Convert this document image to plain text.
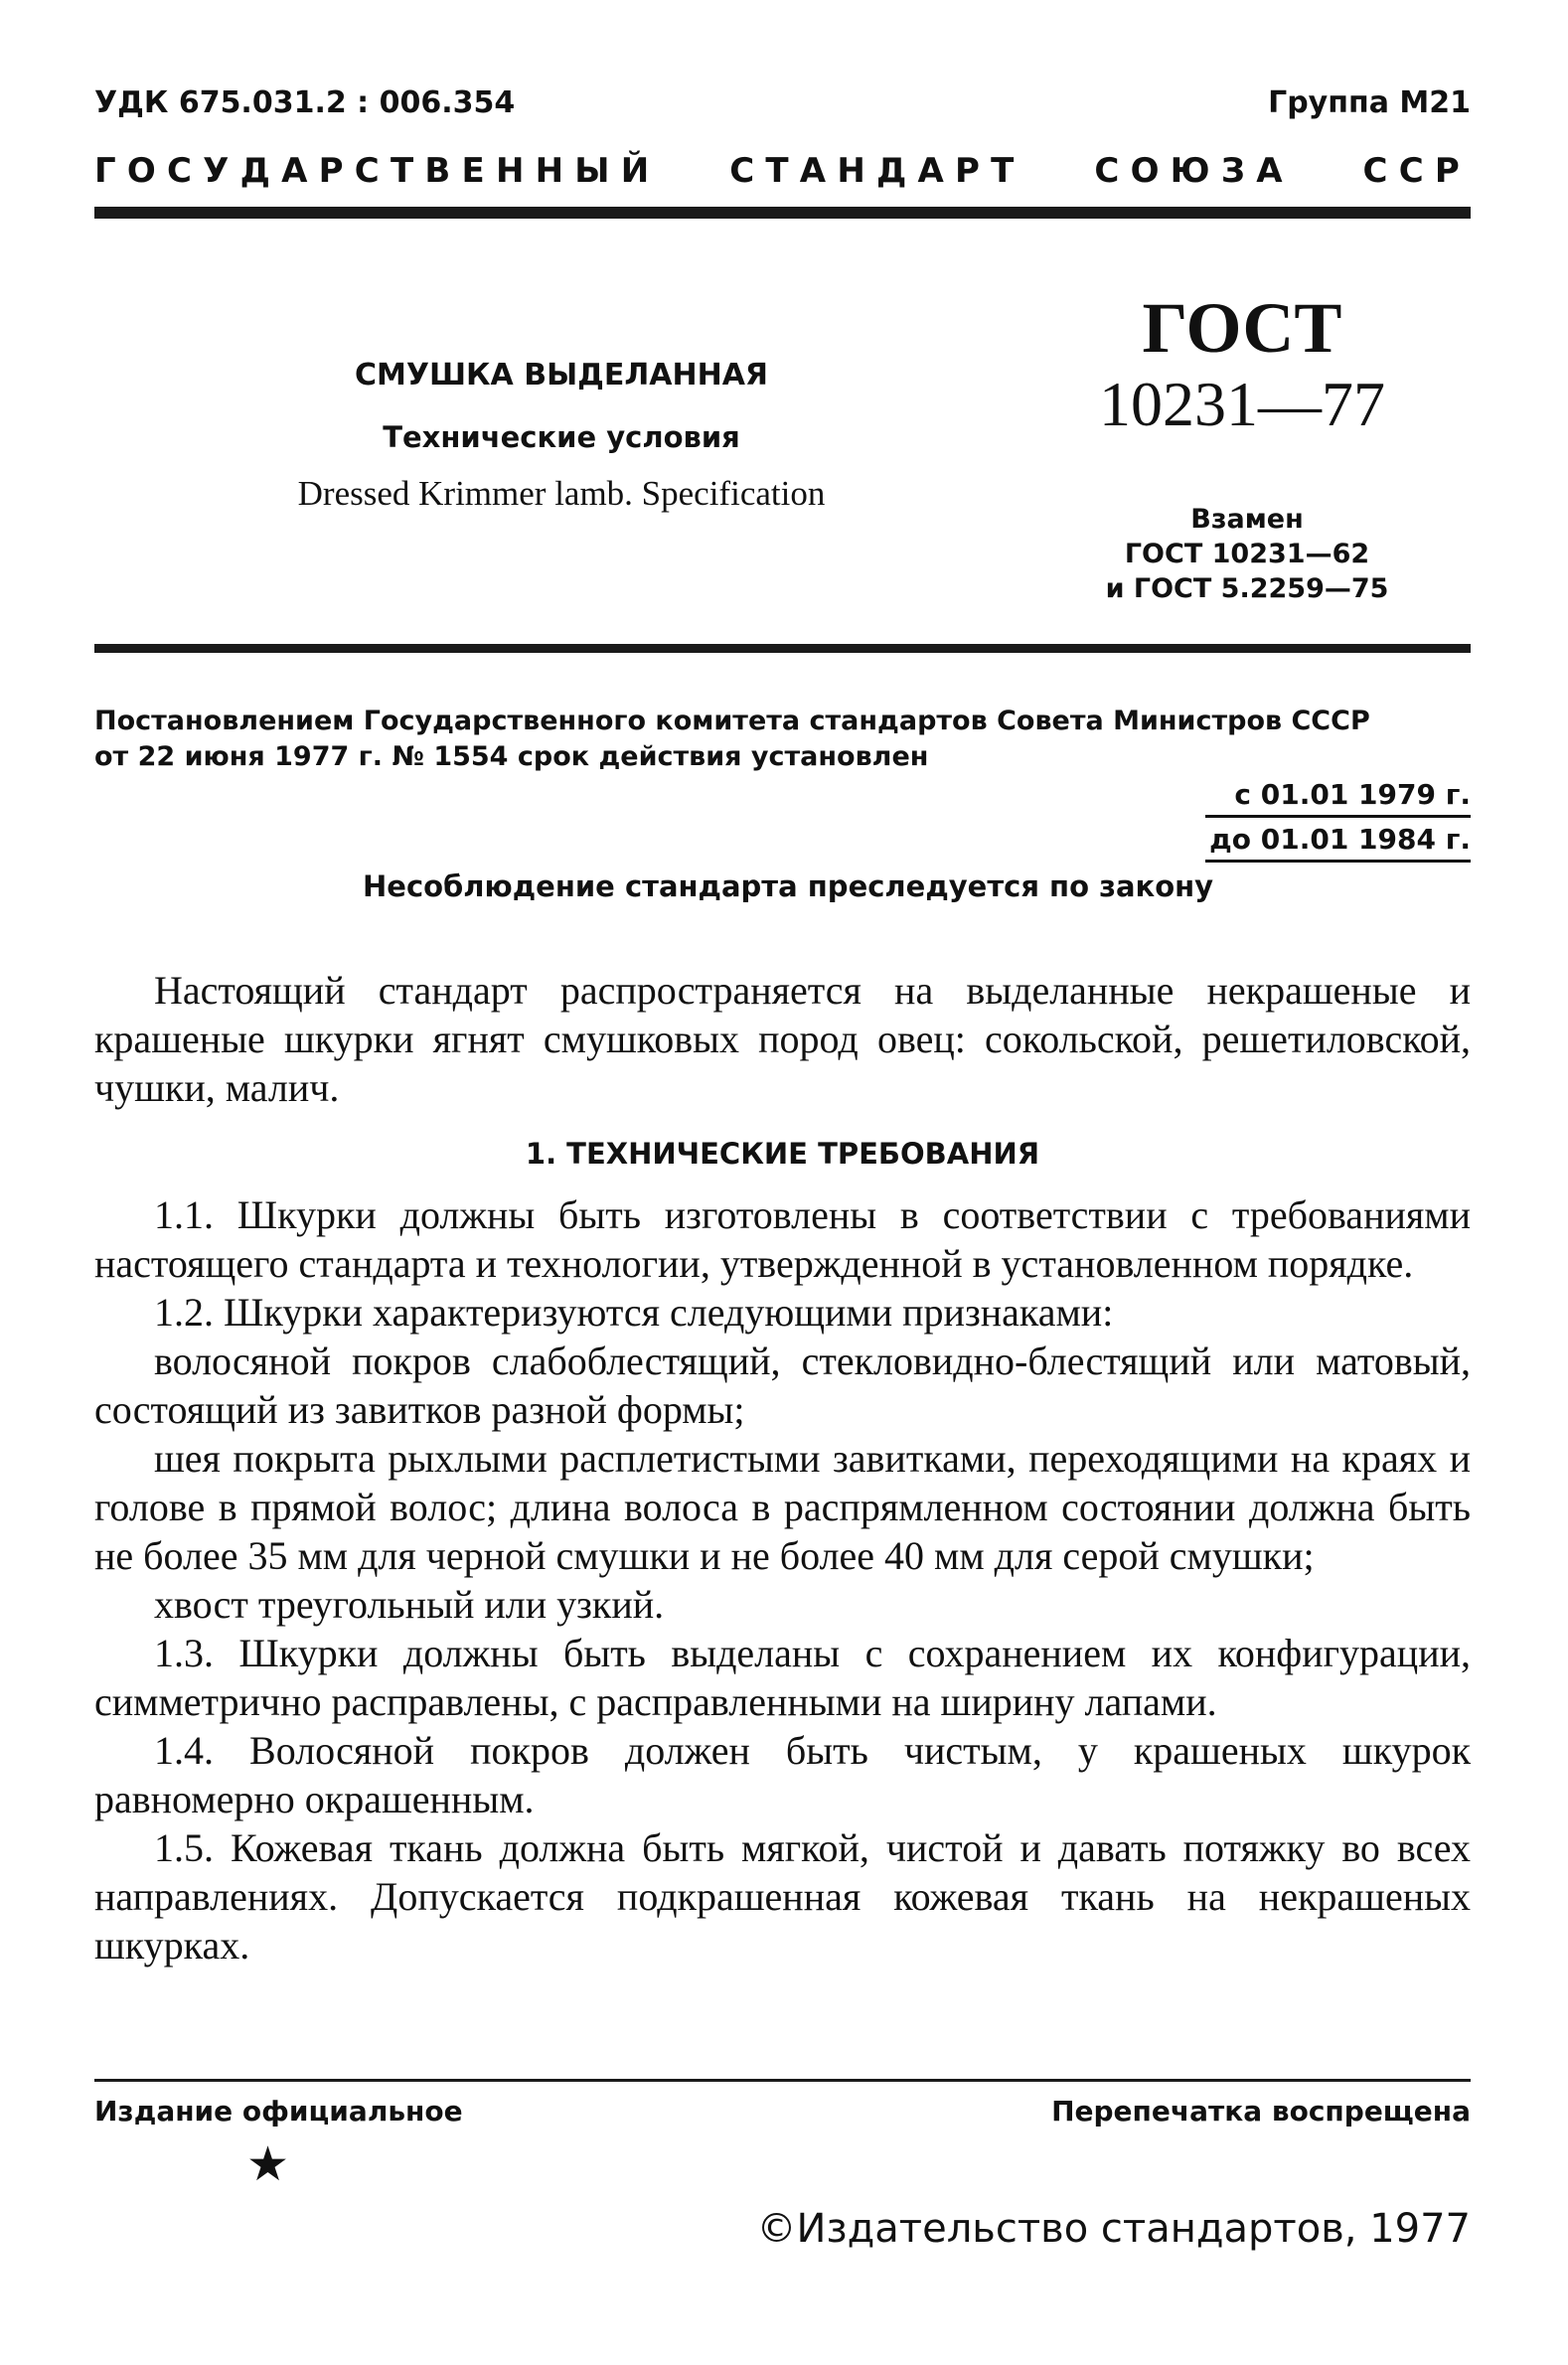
УДК 675.031.2 : 006.354	Группа М21
ГОСУДАРСТВЕННЫЙ СТАНДАРТ СОЮЗА ССР
СМУШКА ВЫДЕЛАННАЯ
Технические условия
Dressed Krimmer lamb. Specification
ГОСТ
10231—77
Взамен
ГОСТ 10231—62
и ГОСТ 5.2259—75
Постановлением Государственного комитета стандартов Совета Министров СССР
от 22 июня 1977 г. № 1554 срок действия установлен
с 01.01 1979 г.
до 01.01 1984 г.
Несоблюдение стандарта преследуется по закону

Настоящий стандарт распространяется на выделанные некрашеные и крашеные шкурки ягнят смушковых пород овец: сокольской, решетиловской, чушки, малич.

1. ТЕХНИЧЕСКИЕ ТРЕБОВАНИЯ

1.1. Шкурки должны быть изготовлены в соответствии с требованиями настоящего стандарта и технологии, утвержденной в установленном порядке.

1.2. Шкурки характеризуются следующими признаками:

волосяной покров слабоблестящий, стекловидно-блестящий или матовый, состоящий из завитков разной формы;

шея покрыта рыхлыми расплетистыми завитками, переходящими на краях и голове в прямой волос; длина волоса в распрямленном состоянии должна быть не более 35 мм для черной смушки и не более 40 мм для серой смушки;

хвост треугольный или узкий.

1.3. Шкурки должны быть выделаны с сохранением их конфигурации, симметрично расправлены, с расправленными на ширину лапами.

1.4. Волосяной покров должен быть чистым, у крашеных шкурок равномерно окрашенным.

1.5. Кожевая ткань должна быть мягкой, чистой и давать потяжку во всех направлениях. Допускается подкрашенная кожевая ткань на некрашеных шкурках.

Издание официальное	Перепечатка воспрещена
★
©Издательство стандартов, 1977
